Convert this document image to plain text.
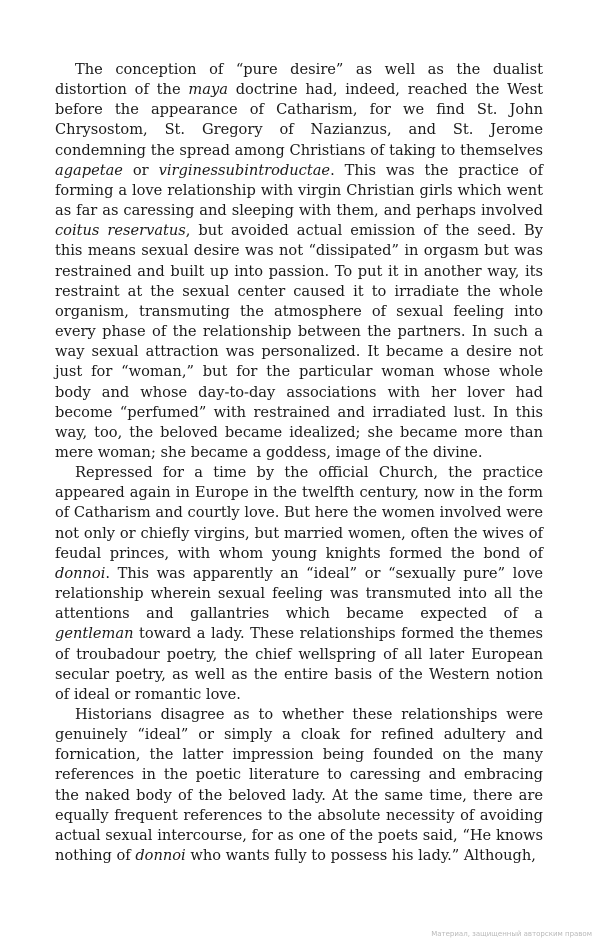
The conception of “pure desire” as well as the dualist distortion of the maya doctrine had, indeed, reached the West before the appearance of Catharism, for we find St. John Chrysostom, St. Gregory of Nazianzus, and St. Jerome condemning the spread among Christians of taking to themselves agapetae or virginessubintroductae. This was the practice of forming a love relationship with virgin Christian girls which went as far as caressing and sleeping with them, and perhaps involved coitus reservatus, but avoided actual emission of the seed. By this means sexual desire was not “dissipated” in orgasm but was restrained and built up into passion. To put it in another way, its restraint at the sexual center caused it to irradiate the whole organism, transmuting the atmosphere of sexual feeling into every phase of the relationship between the partners. In such a way sexual attraction was personalized. It became a desire not just for “woman,” but for the particular woman whose whole body and whose day-to-day associations with her lover had become “perfumed” with restrained and irradiated lust. In this way, too, the beloved became idealized; she became more than mere woman; she became a goddess, image of the divine.

Repressed for a time by the official Church, the practice appeared again in Europe in the twelfth century, now in the form of Catharism and courtly love. But here the women involved were not only or chiefly virgins, but married women, often the wives of feudal princes, with whom young knights formed the bond of donnoi. This was apparently an “ideal” or “sexually pure” love relationship wherein sexual feeling was transmuted into all the attentions and gallantries which became expected of a gentleman toward a lady. These relationships formed the themes of troubadour poetry, the chief wellspring of all later European secular poetry, as well as the entire basis of the Western notion of ideal or romantic love.

Historians disagree as to whether these relationships were genuinely “ideal” or simply a cloak for refined adultery and fornication, the latter impression being founded on the many references in the poetic literature to caressing and embracing the naked body of the beloved lady. At the same time, there are equally frequent references to the absolute necessity of avoiding actual sexual intercourse, for as one of the poets said, “He knows nothing of donnoi who wants fully to possess his lady.” Although,

Материал, защищенный авторским правом
